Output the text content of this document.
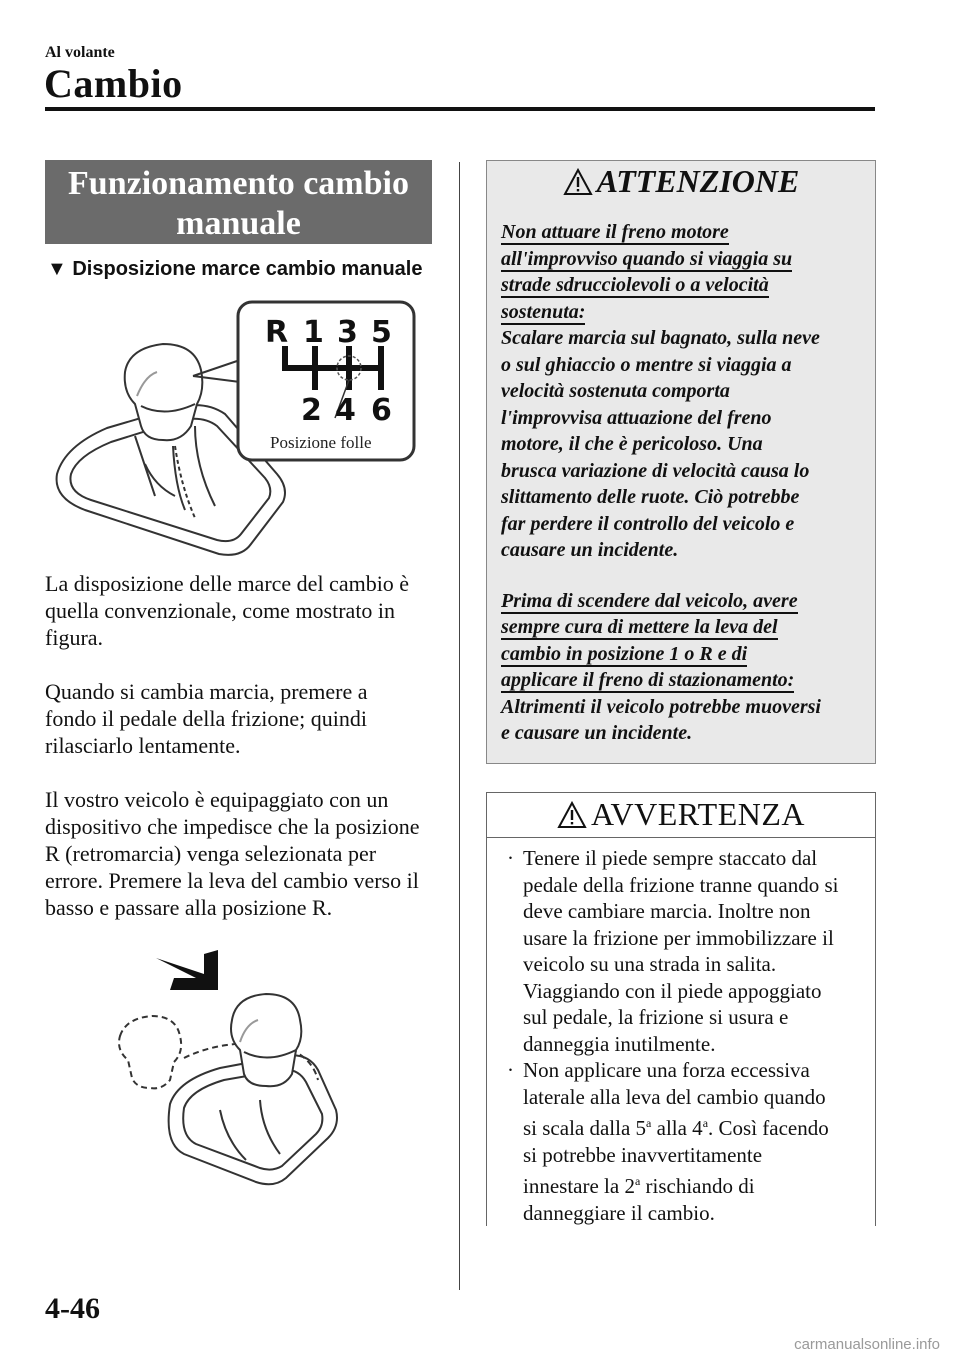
Al volante
Cambio
Funzionamento cambio
manuale
▼ Disposizione marce cambio manuale
R 1 3 5
2 4 6
Posizione folle
La disposizione delle marce del cambio è
quella convenzionale, come mostrato in
figura.
Quando si cambia marcia, premere a
fondo il pedale della frizione; quindi
rilasciarlo lentamente.
Il vostro veicolo è equipaggiato con un
dispositivo che impedisce che la posizione
R (retromarcia) venga selezionata per
errore. Premere la leva del cambio verso il
basso e passare alla posizione R.
ATTENZIONE
Non attuare il freno motore
all'improvviso quando si viaggia su
strade sdrucciolevoli o a velocità
sostenuta:
Scalare marcia sul bagnato, sulla neve
o sul ghiaccio o mentre si viaggia a
velocità sostenuta comporta
l'improvvisa attuazione del freno
motore, il che è pericoloso. Una
brusca variazione di velocità causa lo
slittamento delle ruote. Ciò potrebbe
far perdere il controllo del veicolo e
causare un incidente.
Prima di scendere dal veicolo, avere
sempre cura di mettere la leva del
cambio in posizione 1 o R e di
applicare il freno di stazionamento:
Altrimenti il veicolo potrebbe muoversi
e causare un incidente.
AVVERTENZA
· Tenere il piede sempre staccato dal
pedale della frizione tranne quando si
deve cambiare marcia. Inoltre non
usare la frizione per immobilizzare il
veicolo su una strada in salita.
Viaggiando con il piede appoggiato
sul pedale, la frizione si usura e
danneggia inutilmente.
· Non applicare una forza eccessiva
laterale alla leva del cambio quando
si scala dalla 5$^a$ alla 4$^a$. Così facendo
si potrebbe inavvertitamente
innestare la 2$^a$ rischiando di
danneggiare il cambio.
4-46
carmanualsonline.info
